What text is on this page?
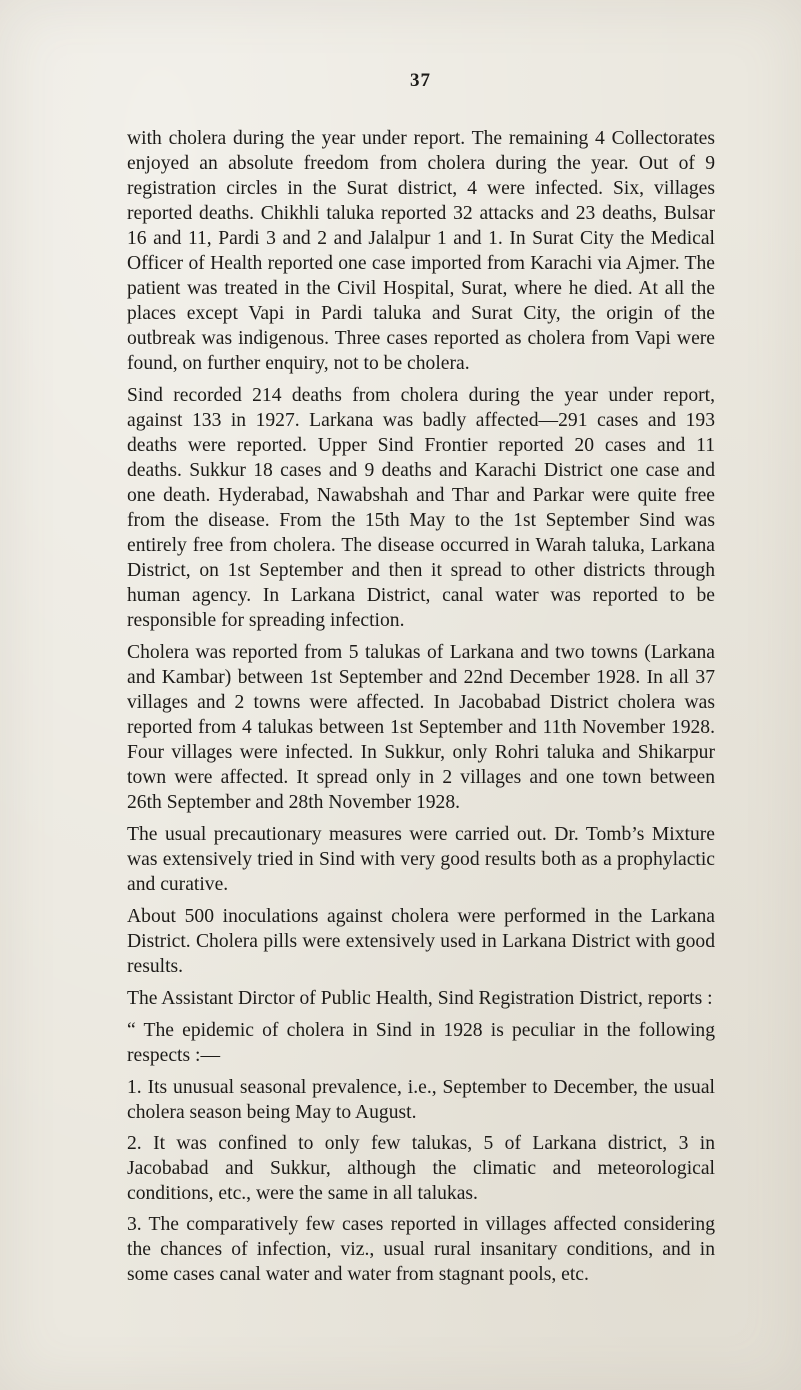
37

with cholera during the year under report. The remaining 4 Collectorates enjoyed an absolute freedom from cholera during the year. Out of 9 registration circles in the Surat district, 4 were infected. Six, villages reported deaths. Chikhli taluka reported 32 attacks and 23 deaths, Bulsar 16 and 11, Pardi 3 and 2 and Jalalpur 1 and 1. In Surat City the Medical Officer of Health reported one case imported from Karachi via Ajmer. The patient was treated in the Civil Hospital, Surat, where he died. At all the places except Vapi in Pardi taluka and Surat City, the origin of the outbreak was indigenous. Three cases reported as cholera from Vapi were found, on further enquiry, not to be cholera.

Sind recorded 214 deaths from cholera during the year under report, against 133 in 1927. Larkana was badly affected—291 cases and 193 deaths were reported. Upper Sind Frontier reported 20 cases and 11 deaths. Sukkur 18 cases and 9 deaths and Karachi District one case and one death. Hyderabad, Nawabshah and Thar and Parkar were quite free from the disease. From the 15th May to the 1st September Sind was entirely free from cholera. The disease occurred in Warah taluka, Larkana District, on 1st September and then it spread to other districts through human agency. In Larkana District, canal water was reported to be responsible for spreading infection.

Cholera was reported from 5 talukas of Larkana and two towns (Larkana and Kambar) between 1st September and 22nd December 1928. In all 37 villages and 2 towns were affected. In Jacobabad District cholera was reported from 4 talukas between 1st September and 11th November 1928. Four villages were infected. In Sukkur, only Rohri taluka and Shikarpur town were affected. It spread only in 2 villages and one town between 26th September and 28th November 1928.

The usual precautionary measures were carried out. Dr. Tomb’s Mixture was extensively tried in Sind with very good results both as a prophylactic and curative.

About 500 inoculations against cholera were performed in the Larkana District. Cholera pills were extensively used in Larkana District with good results.

The Assistant Dirctor of Public Health, Sind Registration District, reports :

“ The epidemic of cholera in Sind in 1928 is peculiar in the following respects :—

1. Its unusual seasonal prevalence, i.e., September to December, the usual cholera season being May to August.

2. It was confined to only few talukas, 5 of Larkana district, 3 in Jacobabad and Sukkur, although the climatic and meteorological conditions, etc., were the same in all talukas.

3. The comparatively few cases reported in villages affected considering the chances of infection, viz., usual rural insanitary conditions, and in some cases canal water and water from stagnant pools, etc.
